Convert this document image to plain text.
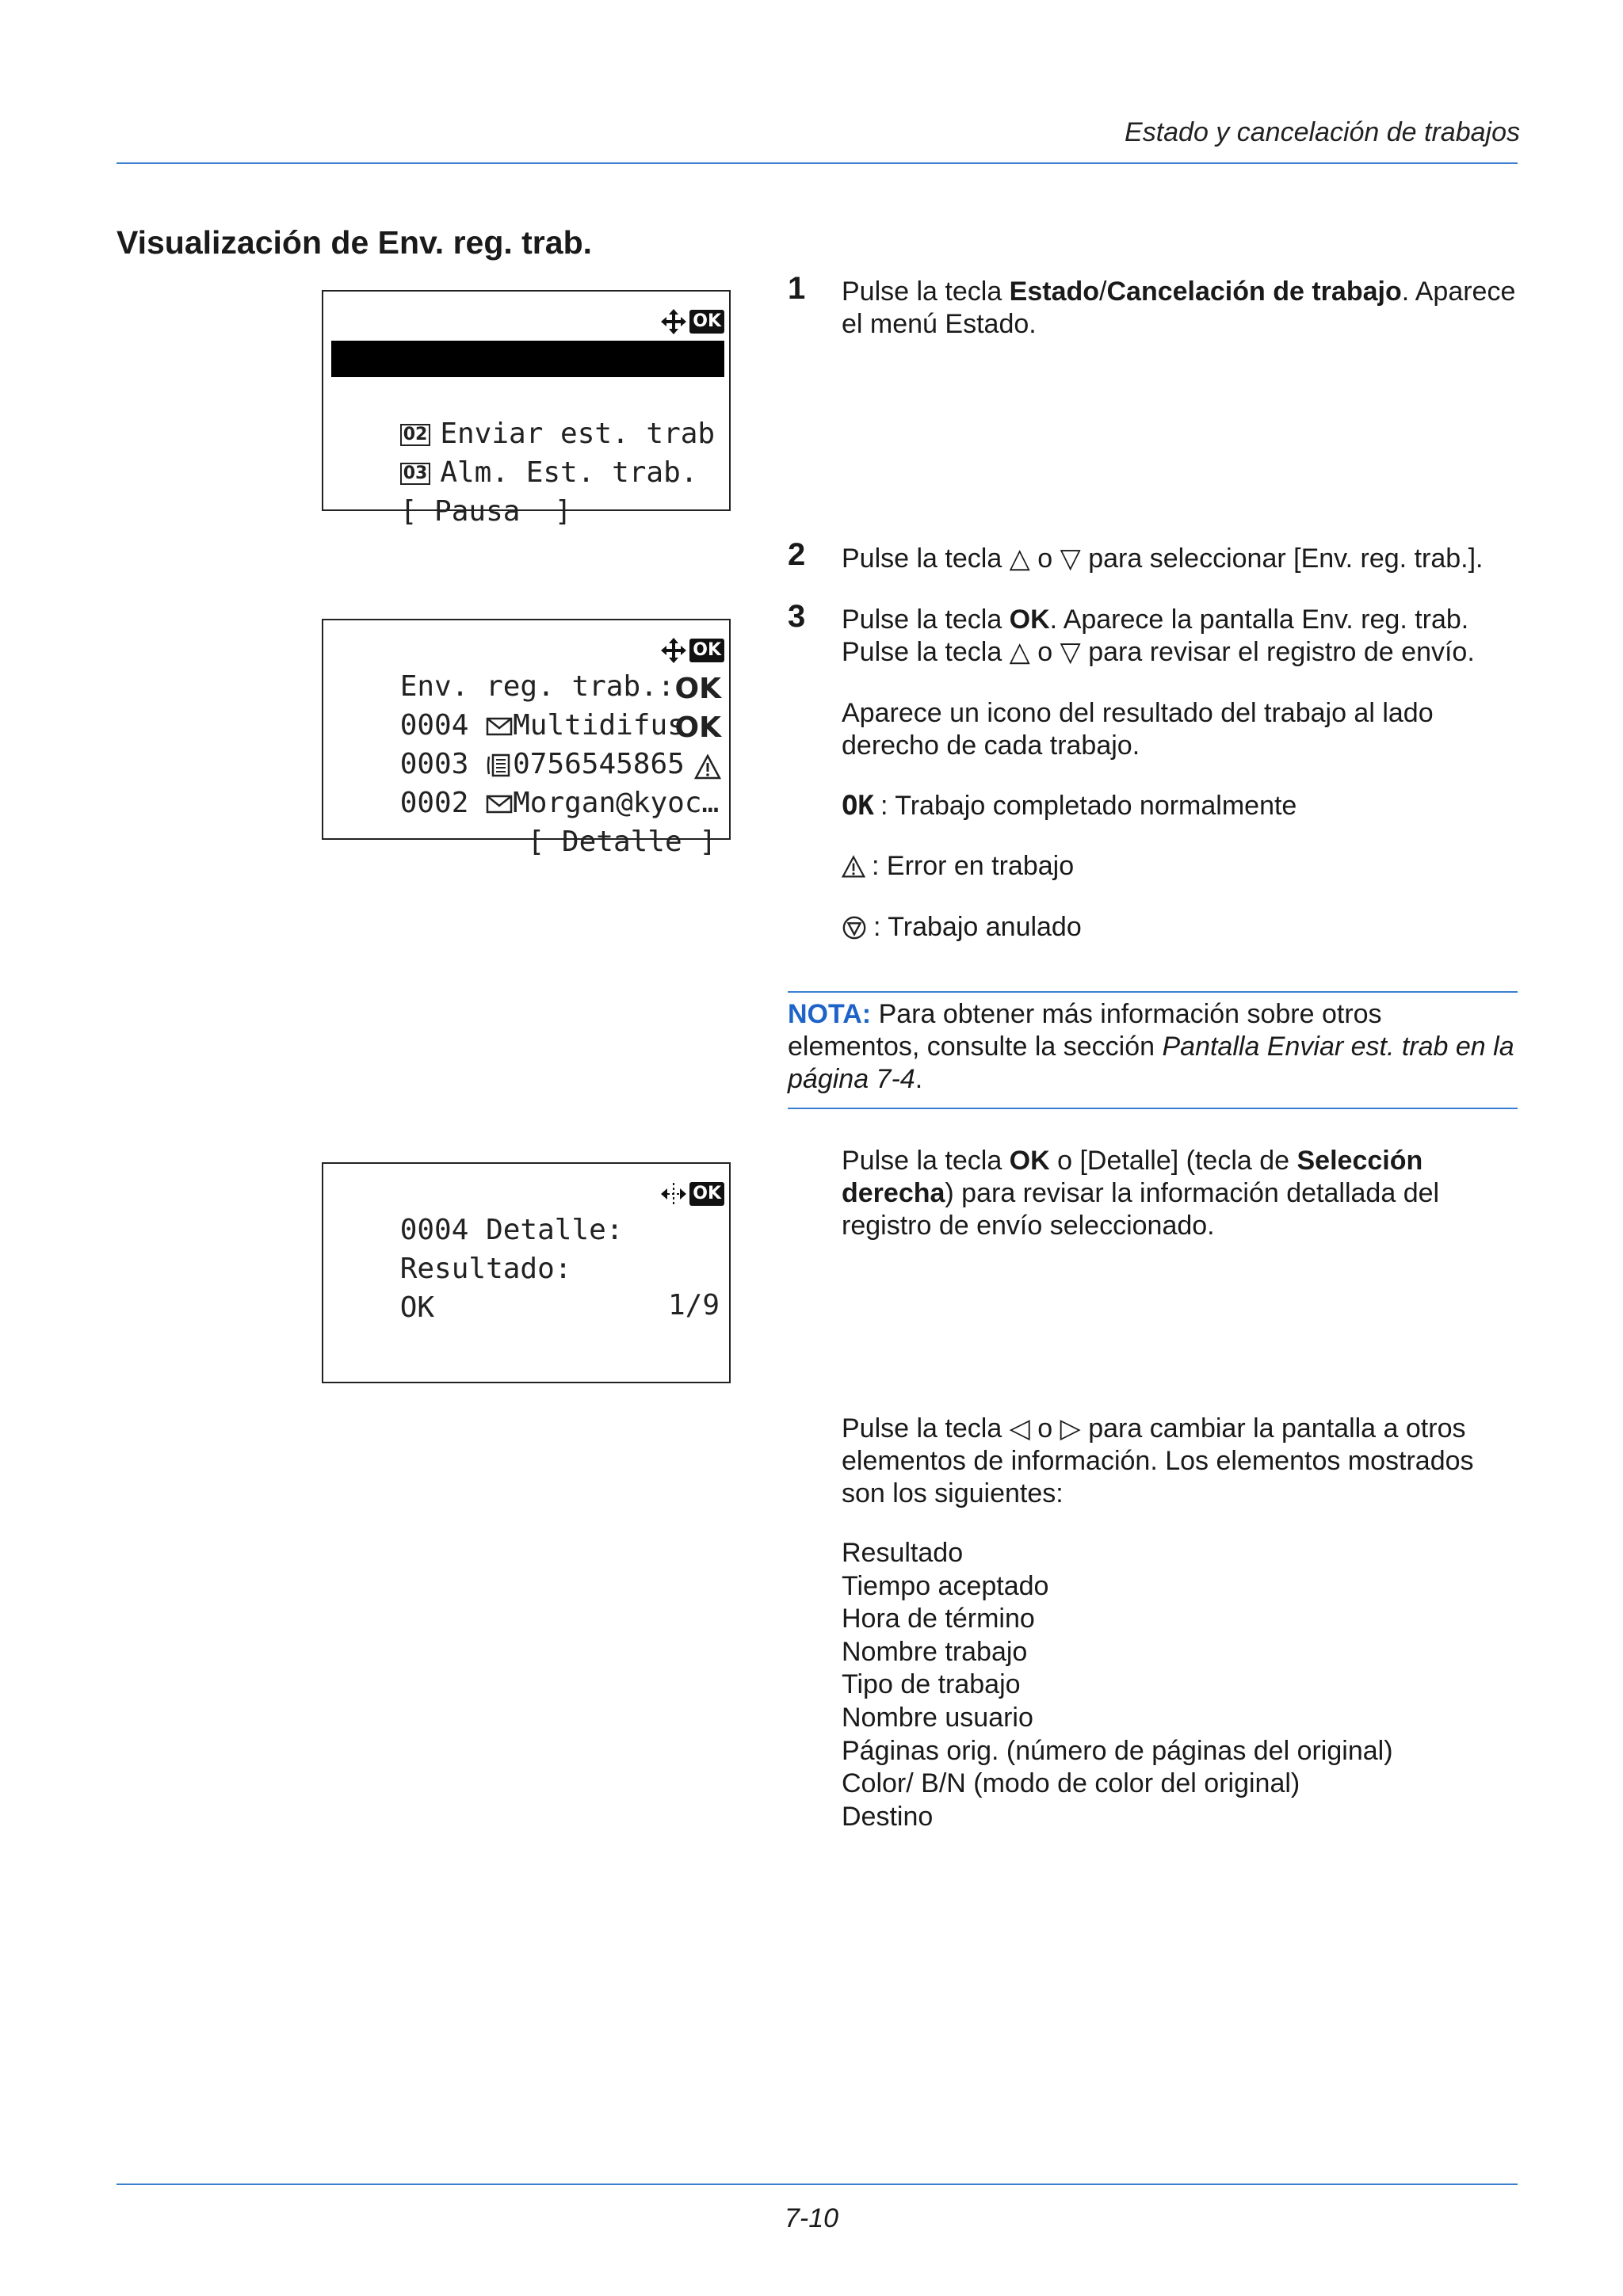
Estado y cancelación de trabajos
Visualización de Env. reg. trab.

OK

01 Est. trab. imp.

02 Enviar est. trab

03 Alm. Est. trab.

[ Pausa  ]

Env. reg. trab.:

OK

0004 Multidifus

OK

0003 0756545865

OK

0002 Morgan@kyoc…

[ Detalle ]

0004 Detalle:

OK

Resultado:

1/9

OK

1 Pulse la tecla Estado/Cancelación de trabajo. Aparece el menú Estado.
2 Pulse la tecla △ o ▽ para seleccionar [Env. reg. trab.].
3 Pulse la tecla OK. Aparece la pantalla Env. reg. trab.
Pulse la tecla △ o ▽ para revisar el registro de envío.
Aparece un icono del resultado del trabajo al lado derecho de cada trabajo.
OK : Trabajo completado normalmente
: Error en trabajo
: Trabajo anulado
NOTA: Para obtener más información sobre otros elementos, consulte la sección Pantalla Enviar est. trab en la página 7-4.
Pulse la tecla OK o [Detalle] (tecla de Selección derecha) para revisar la información detallada del registro de envío seleccionado.
Pulse la tecla ◁ o ▷ para cambiar la pantalla a otros elementos de información. Los elementos mostrados son los siguientes:
Resultado
Tiempo aceptado
Hora de término
Nombre trabajo
Tipo de trabajo
Nombre usuario
Páginas orig. (número de páginas del original)
Color/ B/N (modo de color del original)
Destino
7-10
